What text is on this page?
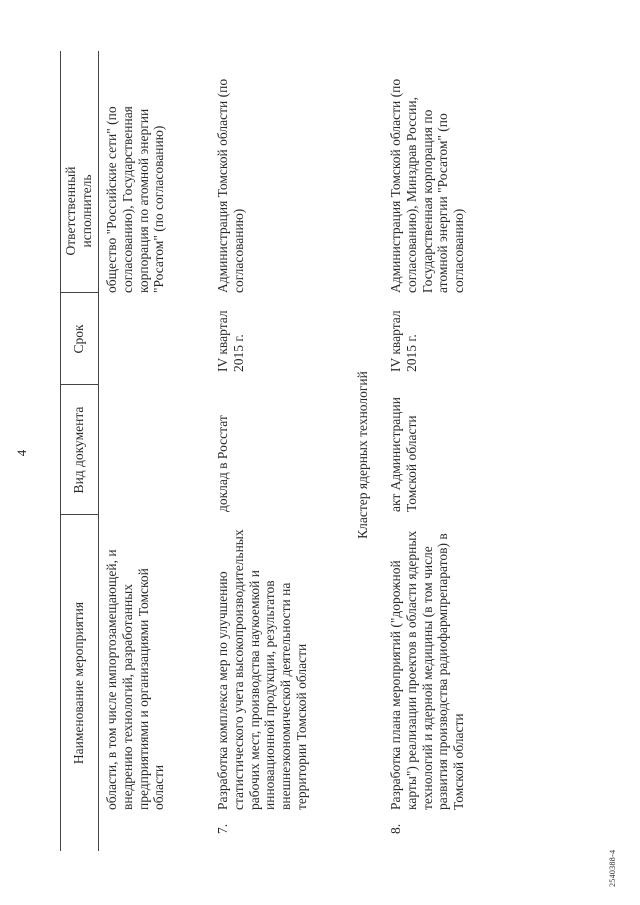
4
Наименование мероприятия
Вид документа
Срок
Ответственный исполнитель
области, в том числе импортозамещающей, и внедрению технологий, разработанных предприятиями и организациями Томской области
общество "Российские сети" (по согласованию), Государственная корпорация по атомной энергии "Росатом" (по согласованию)
7.
Разработка комплекса мер по улучшению статистического учета высокопроизводительных рабочих мест, производства наукоемкой и инновационной продукции, результатов внешнеэкономической деятельности на территории Томской области
доклад в Росстат
IV квартал 2015 г.
Администрация Томской области (по согласованию)
Кластер ядерных технологий
8.
Разработка плана мероприятий ("дорожной карты") реализации проектов в области ядерных технологий и ядерной медицины (в том числе развития производства радиофармпрепаратов) в Томской области
акт Администрации Томской области
IV квартал 2015 г.
Администрация Томской области (по согласованию), Минздрав России, Государственная корпорация по атомной энергии "Росатом" (по согласованию)
2540388-4
